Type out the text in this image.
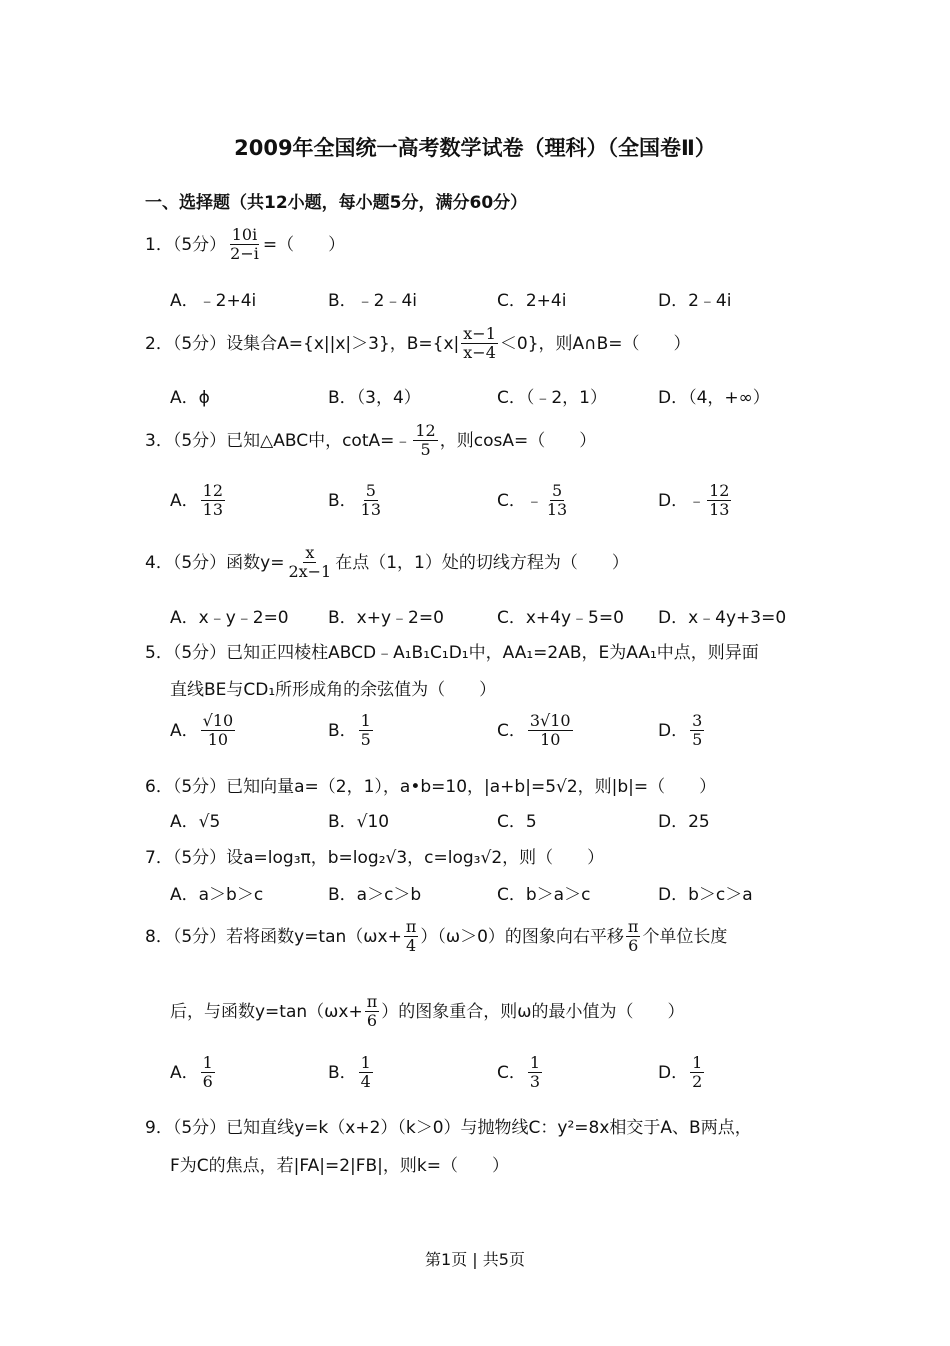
2009年全国统一高考数学试卷（理科）（全国卷Ⅱ）
一、选择题（共12小题，每小题5分，满分60分）
1．（5分） $\frac{10i}{2-i}$ =（　　）
A．﹣2+4i	B．﹣2﹣4i	C．2+4i	D．2﹣4i
2．（5分）设集合A={x||x|＞3}，$B=\{x| \frac{x-1}{x-4} <0\}$，则A∩B=（　　）
A．ϕ	B．（3，4）	C．（﹣2，1）	D．（4，+∞）
3．（5分）已知△ABC中，cotA=﹣ $\frac{12}{5}$ ，则cosA=（　　）
A． $\frac{12}{13}$	B． $\frac{5}{13}$	C．﹣ $\frac{5}{13}$	D．﹣ $\frac{12}{13}$
4．（5分）函数$y= \frac{x}{2x-1}$ 在点（1，1）处的切线方程为（　　）
A．x﹣y﹣2=0 B．x+y﹣2=0	C．x+4y﹣5=0 D．x﹣4y+3=0
5．（5分）已知正四棱柱ABCD﹣A₁B₁C₁D₁中，AA₁=2AB，E为AA₁中点，则异面
直线BE与CD₁所形成角的余弦值为（　　）
A． $\frac{√10}{10}$	B． $\frac{1}{5}$	C． $\frac{3√10}{10}$	D． $\frac{3}{5}$
6．（5分）已知向量a=（2，1），a•b=10，|a+b|=5√2，则|b|=（　　）
A．√5	B．√10	C．5	D．25
7．（5分）设a=log₃π，b=log₂√3，c=log₃√2，则（　　）
A．a＞b＞c	B．a＞c＞b	C．b＞a＞c	D．b＞c＞a
8．（5分）若将函数$y=\tan(\omega x+ \frac{\pi}{4} )(\omega>0)$的图象向右平移 $\frac{\pi}{6}$ 个单位长度
后，与函数$y=\tan(\omega x+ \frac{\pi}{6}$ ）的图象重合，则ω的最小值为（　　）
A． $\frac{1}{6}$	B． $\frac{1}{4}$	C． $\frac{1}{3}$	D． $\frac{1}{2}$
9．（5分）已知直线y=k（x+2）（k＞0）与抛物线C：y²=8x相交于A、B两点，
F为C的焦点，若|FA|=2|FB|，则k=（　　）
第1页 | 共5页
